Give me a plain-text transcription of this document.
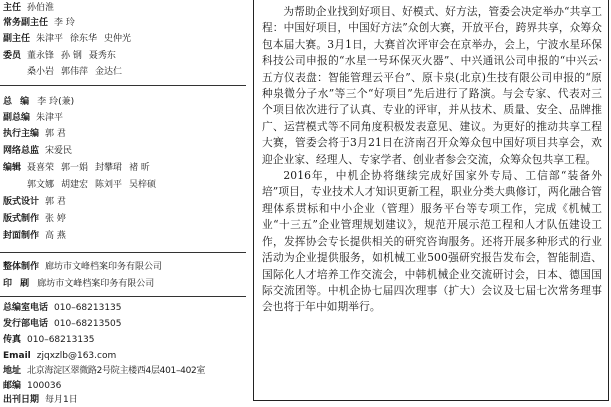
主任 孙伯淮
常务副主任 李 玲
副主任 朱津平 徐东华 史仲光
委员 董永锋 孙 钢 聂秀东
桑小岩 郭伟萍 金达仁
总编李 玲(兼)
副总编 朱津平
执行主编 郭 君
网络总监 宋爱民
编辑 聂喜荣 郭一娟 封攀珺 褚 昕
郭文娜 胡建宏 陈刘平 吴梓硕
版式设计 郭 君
版式制作 张 婷
封面制作 高 燕
整体制作 廊坊市文峰档案印务有限公司
印刷廊坊市文峰档案印务有限公司
总编室电话 010–68213135
发行部电话 010–68213505
传真 010–68213135
Email zjqxzlb@163.com
地址 北京海淀区翠微路2号院主楼西4层401–402室
邮编 100036
出刊日期 每月1日

为帮助企业找到好项目、好模式、好方法，管委会决定举办“共享工程：中国好项目，中国好方法”众创大赛，开放平台，跨界共享，众筹众包本届大赛。3月1日，大赛首次评审会在京举办，会上，宁波水星环保科技公司申报的“水星一号环保灭火器”、中兴通讯公司申报的“中兴云·五方仪表盘：智能管理云平台”、原卡泉(北京)生技有限公司申报的“原种泉微分子水”等三个“好项目”先后进行了路演。与会专家、代表对三个项目依次进行了认真、专业的评审，并从技术、质量、安全、品牌推广、运营模式等不同角度积极发表意见、建议。为更好的推动共享工程大赛，管委会将于3月21日在济南召开众筹众包中国好项目共享会，欢迎企业家、经理人、专家学者、创业者参会交流，众筹众包共享工程。

2016年，中机企协将继续完成好国家外专局、工信部“装备外培”项目，专业技术人才知识更新工程，职业分类大典修订，两化融合管理体系贯标和中小企业（管理）服务平台等专项工作，完成《机械工业“十三五”企业管理规划建议》，规范开展示范工程和人才队伍建设工作，发挥协会专长提供相关的研究咨询服务。还将开展多种形式的行业活动为企业提供服务，如机械工业500强研究报告发布会，智能制造、国际化人才培养工作交流会，中韩机械企业交流研讨会，日本、德国国际交流团等。中机企协七届四次理事（扩大）会议及七届七次常务理事会也将于年中如期举行。
